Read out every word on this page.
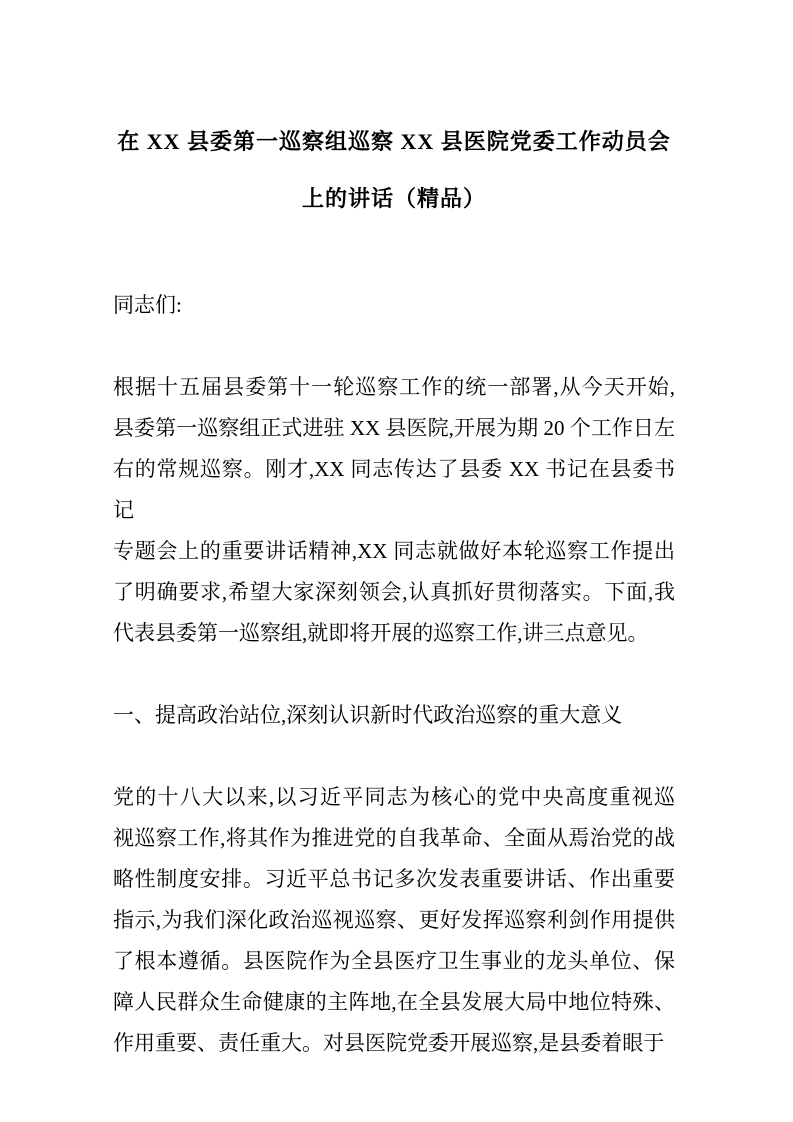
在 XX 县委第一巡察组巡察 XX 县医院党委工作动员会
上的讲话（精品）

同志们:

根据十五届县委第十一轮巡察工作的统一部署,从今天开始,
县委第一巡察组正式进驻 XX 县医院,开展为期 20 个工作日左
右的常规巡察。刚才,XX 同志传达了县委 XX 书记在县委书记
专题会上的重要讲话精神,XX 同志就做好本轮巡察工作提出
了明确要求,希望大家深刻领会,认真抓好贯彻落实。下面,我
代表县委第一巡察组,就即将开展的巡察工作,讲三点意见。

一、提高政治站位,深刻认识新时代政治巡察的重大意义

党的十八大以来,以习近平同志为核心的党中央高度重视巡
视巡察工作,将其作为推进党的自我革命、全面从焉治党的战
略性制度安排。习近平总书记多次发表重要讲话、作出重要
指示,为我们深化政治巡视巡察、更好发挥巡察利剑作用提供
了根本遵循。县医院作为全县医疗卫生事业的龙头单位、保
障人民群众生命健康的主阵地,在全县发展大局中地位特殊、
作用重要、责任重大。对县医院党委开展巡察,是县委着眼于
